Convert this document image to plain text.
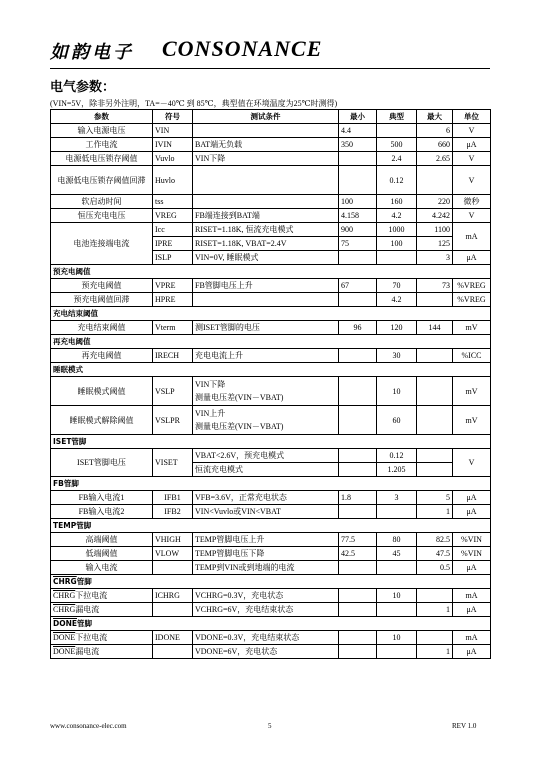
如韵电子 CONSONANCE
电气参数：
(VIN=5V，除非另外注明，TA=－40℃ 到 85℃，典型值在环境温度为25℃时测得)
参数	符号	测试条件	最小	典型	最大	单位
输入电源电压	VIN		4.4		6	V
工作电流	IVIN	BAT端无负载	350	500	660	μA
电源低电压锁存阈值	Vuvlo	VIN下降		2.4	2.65	V
电源低电压锁存阈值回滞	Huvlo			0.12		V
软启动时间	tss		100	160	220	微秒
恒压充电电压	VREG	FB端连接到BAT端	4.158	4.2	4.242	V
电池连接端电流	Icc	RISET=1.18K, 恒流充电模式	900	1000	1100	mA
	IPRE	RISET=1.18K, VBAT=2.4V	75	100	125	
	ISLP	VIN=0V, 睡眠模式			3	μA
预充电阈值						
预充电阈值	VPRE	FB管脚电压上升	67	70	73	%VREG
预充电阈值回滞	HPRE			4.2		%VREG
充电结束阈值						
充电结束阈值	Vterm	测ISET管脚的电压	96	120	144	mV
再充电阈值						
再充电阈值	IRECH	充电电流上升		30		%ICC
睡眠模式						
睡眠模式阈值	VSLP	VIN下降
测量电压差(VIN－VBAT)		10		mV
睡眠模式解除阈值	VSLPR	VIN上升
测量电压差(VIN－VBAT)		60		mV
ISET管脚						
ISET管脚电压	VISET	VBAT<2.6V，预充电模式		0.12		V
		恒流充电模式		1.205		
FB管脚						
FB输入电流1	IFB1	VFB=3.6V，正常充电状态	1.8	3	5	μA
FB输入电流2	IFB2	VIN<Vuvlo或VIN<VBAT			1	μA
TEMP管脚						
高端阈值	VHIGH	TEMP管脚电压上升	77.5	80	82.5	%VIN
低端阈值	VLOW	TEMP管脚电压下降	42.5	45	47.5	%VIN
输入电流		TEMP到VIN或到地端的电流			0.5	μA
CHRG管脚						
CHRG下拉电流	ICHRG	VCHRG=0.3V，充电状态		10		mA
CHRG漏电流		VCHRG=6V，充电结束状态			1	μA
DONE管脚						
DONE下拉电流	IDONE	VDONE=0.3V，充电结束状态		10		mA
DONE漏电流		VDONE=6V，充电状态			1	μA
www.consonance-elec.com	5	REV 1.0
